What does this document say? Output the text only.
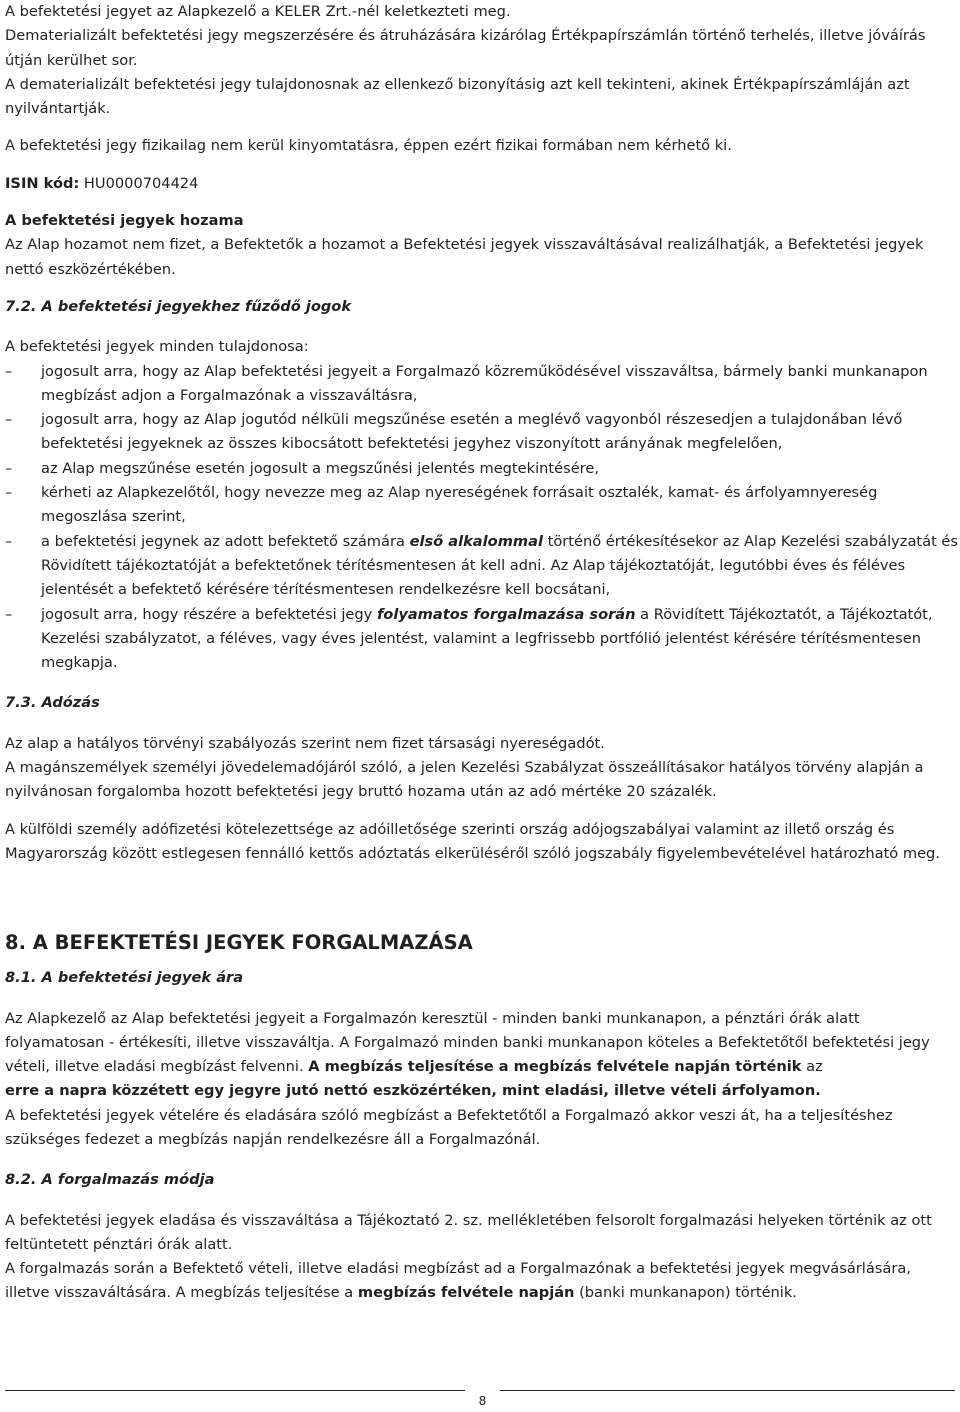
A befektetési jegyet az Alapkezelő a KELER Zrt.-nél keletkezteti meg.

Dematerializált befektetési jegy megszerzésére és átruházására kizárólag Értékpapírszámlán történő terhelés, illetve jóváírás útján kerülhet sor.

A dematerializált befektetési jegy tulajdonosnak az ellenkező bizonyításig azt kell tekinteni, akinek Értékpapírszámláján azt nyilvántartják.

A befektetési jegy fizikailag nem kerül kinyomtatásra, éppen ezért fizikai formában nem kérhető ki.

ISIN kód: HU0000704424

A befektetési jegyek hozama

Az Alap hozamot nem fizet, a Befektetők a hozamot a Befektetési jegyek visszaváltásával realizálhatják, a Befektetési jegyek nettó eszközértékében.

7.2. A befektetési jegyekhez fűződő jogok

A befektetési jegyek minden tulajdonosa:

– jogosult arra, hogy az Alap befektetési jegyeit a Forgalmazó közreműködésével visszaváltsa, bármely banki munkanapon megbízást adjon a Forgalmazónak a visszaváltásra,
– jogosult arra, hogy az Alap jogutód nélküli megszűnése esetén a meglévő vagyonból részesedjen a tulajdonában lévő befektetési jegyeknek az összes kibocsátott befektetési jegyhez viszonyított arányának megfelelően,
– az Alap megszűnése esetén jogosult a megszűnési jelentés megtekintésére,
– kérheti az Alapkezelőtől, hogy nevezze meg az Alap nyereségének forrásait osztalék, kamat- és árfolyamnyereség megoszlása szerint,
– a befektetési jegynek az adott befektető számára első alkalommal történő értékesítésekor az Alap Kezelési szabályzatát és Rövidített tájékoztatóját a befektetőnek térítésmentesen át kell adni. Az Alap tájékoztatóját, legutóbbi éves és féléves jelentését a befektető kérésére térítésmentesen rendelkezésre kell bocsátani,
– jogosult arra, hogy részére a befektetési jegy folyamatos forgalmazása során a Rövidített Tájékoztatót, a Tájékoztatót, Kezelési szabályzatot, a féléves, vagy éves jelentést, valamint a legfrissebb portfólió jelentést kérésére térítésmentesen megkapja.

7.3. Adózás

Az alap a hatályos törvényi szabályozás szerint nem fizet társasági nyereségadót.

A magánszemélyek személyi jövedelemadójáról szóló, a jelen Kezelési Szabályzat összeállításakor hatályos törvény alapján a nyilvánosan forgalomba hozott befektetési jegy bruttó hozama után az adó mértéke 20 százalék.

A külföldi személy adófizetési kötelezettsége az adóilletősége szerinti ország adójogszabályai valamint az illető ország és Magyarország között estlegesen fennálló kettős adóztatás elkerüléséről szóló jogszabály figyelembevételével határozható meg.

8. A BEFEKTETÉSI JEGYEK FORGALMAZÁSA

8.1. A befektetési jegyek ára

Az Alapkezelő az Alap befektetési jegyeit a Forgalmazón keresztül - minden banki munkanapon, a pénztári órák alatt folyamatosan - értékesíti, illetve visszaváltja. A Forgalmazó minden banki munkanapon köteles a Befektetőtől befektetési jegy vételi, illetve eladási megbízást felvenni. A megbízás teljesítése a megbízás felvétele napján történik az
erre a napra közzétett egy jegyre jutó nettó eszközértéken, mint eladási, illetve vételi árfolyamon.

A befektetési jegyek vételére és eladására szóló megbízást a Befektetőtől a Forgalmazó akkor veszi át, ha a teljesítéshez szükséges fedezet a megbízás napján rendelkezésre áll a Forgalmazónál.

8.2. A forgalmazás módja

A befektetési jegyek eladása és visszaváltása a Tájékoztató 2. sz. mellékletében felsorolt forgalmazási helyeken történik az ott feltüntetett pénztári órák alatt.

A forgalmazás során a Befektető vételi, illetve eladási megbízást ad a Forgalmazónak a befektetési jegyek megvásárlására, illetve visszaváltására. A megbízás teljesítése a megbízás felvétele napján (banki munkanapon) történik.

8
